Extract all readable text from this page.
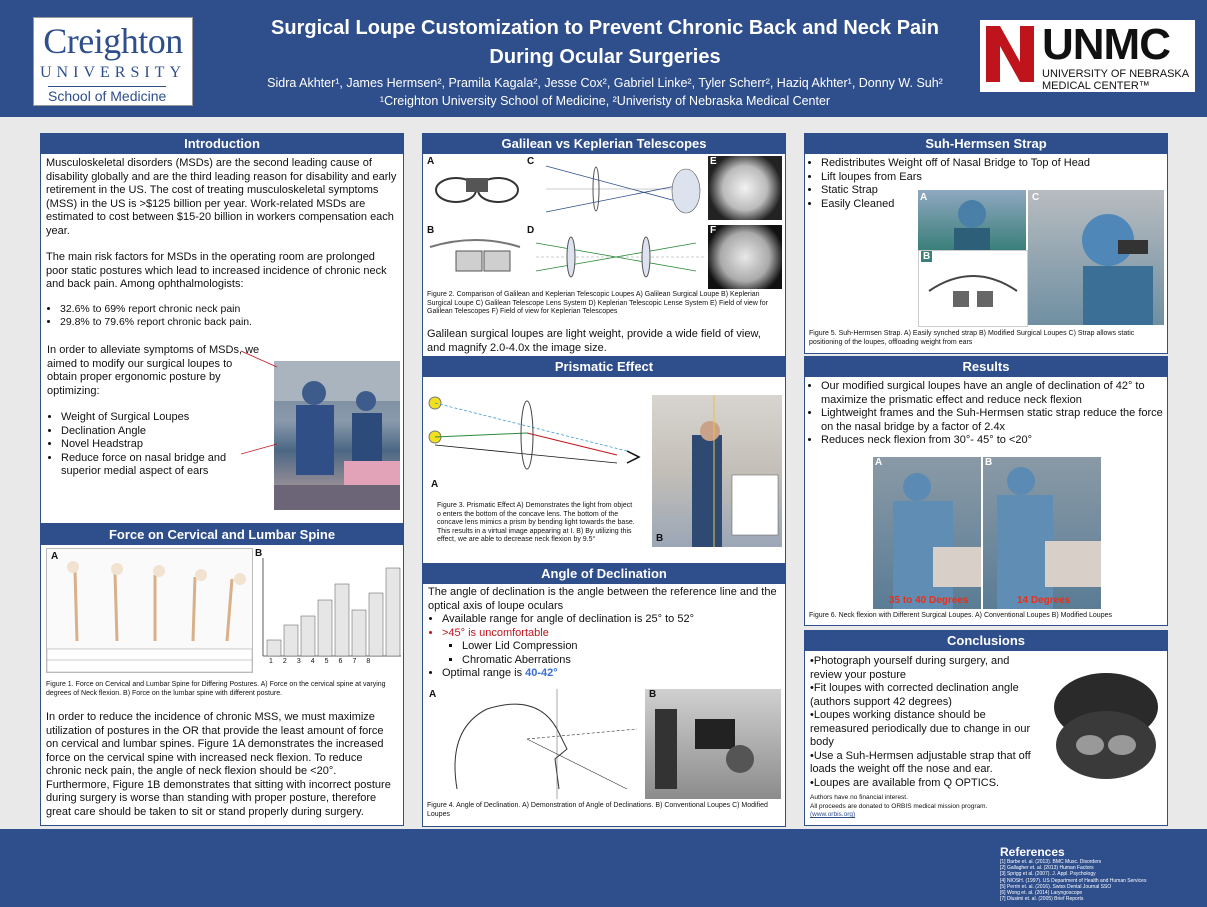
Creighton
UNIVERSITY
School of Medicine
Surgical Loupe Customization to Prevent Chronic Back and Neck Pain
During Ocular Surgeries
Sidra Akhter¹, James Hermsen², Pramila Kagala², Jesse Cox², Gabriel Linke², Tyler Scherr², Haziq Akhter¹, Donny W. Suh²
¹Creighton University School of Medicine, ²Univeristy of Nebraska Medical Center
UNMC
UNIVERSITY OF NEBRASKA
MEDICAL CENTER™
Introduction
Musculoskeletal disorders (MSDs) are the second leading cause of disability globally and are the third leading reason for disability and early retirement in the US. The cost of treating musculoskeletal symptoms (MSS) in the US is >$125 billion per year. Work-related MSDs are estimated to cost between $15-20 billion in workers compensation each year.
The main risk factors for MSDs in the operating room are prolonged poor static postures which lead to increased incidence of chronic neck and back pain. Among ophthalmologists:
• 32.6% to 69% report chronic neck pain
• 29.8% to 79.6% report chronic back pain.
In order to alleviate symptoms of MSDs, we aimed to modify our surgical loupes to obtain proper ergonomic posture by optimizing:
• Weight of Surgical Loupes
• Declination Angle
• Novel Headstrap
• Reduce force on nasal bridge and superior medial aspect of ears
Force on Cervical and Lumbar Spine
A	B
1 2 3 4 5 6 7 8
Figure 1. Force on Cervical and Lumbar Spine for Differing Postures. A) Force on the cervical spine at varying degrees of Neck flexion. B) Force on the lumbar spine with different posture.
In order to reduce the incidence of chronic MSS, we must maximize utilization of postures in the OR that provide the least amount of force on cervical and lumbar spines. Figure 1A demonstrates the increased force on the cervical spine with increased neck flexion. To reduce chronic neck pain, the angle of neck flexion should be <20°. Furthermore, Figure 1B demonstrates that sitting with incorrect posture during surgery is worse than standing with proper posture, therefore great care should be taken to sit or stand properly during surgery.
Galilean vs Keplerian Telescopes
A
B
C
D
E
F
Figure 2. Comparison of Galilean and Keplerian Telescopic Loupes A) Galilean Surgical Loupe B) Keplerian Surgical Loupe C) Galilean Telescope Lens System D) Keplerian Telescopic Lense System E) Field of view for Galilean Telescopes F) Field of view for Keplerian Telescopes
Galilean surgical loupes are light weight, provide a wide field of view, and magnify 2.0-4.0x the image size.
Prismatic Effect
A
Figure 3. Prismatic Effect A) Demonstrates the light from object o enters the bottom of the concave lens. The bottom of the concave lens mimics a prism by bending light towards the base. This results in a virtual image appearing at I. B) By utilizing this effect, we are able to decrease neck flexion by 9.5°	B
Angle of Declination
The angle of declination is the angle between the reference line and the optical axis of loupe oculars
• Available range for angle of declination is 25° to 52°
• >45° is uncomfortable
▪ Lower Lid Compression
▪ Chromatic Aberrations
• Optimal range is 40-42°
A	B
Figure 4. Angle of Declination. A) Demonstration of Angle of Declinations. B) Conventional Loupes C) Modified Loupes
Suh-Hermsen Strap
• Redistributes Weight off of Nasal Bridge to Top of Head
• Lift loupes from Ears
• Static Strap
• Easily Cleaned	A
B
C
Figure 5. Suh-Hermsen Strap. A) Easily synched strap B) Modified Surgical Loupes C) Strap allows static positioning of the loupes, offloading weight from ears
Results
• Our modified surgical loupes have an angle of declination of 42° to maximize the prismatic effect and reduce neck flexion
• Lightweight frames and the Suh-Hermsen static strap reduce the force on the nasal bridge by a factor of 2.4x
• Reduces neck flexion from 30°- 45° to <20°
A
35 to 40 Degrees
B
14 Degrees
Figure 6. Neck flexion with Different Surgical Loupes. A) Conventional Loupes B) Modified Loupes
Conclusions
•Photograph yourself during surgery, and review your posture
•Fit loupes with corrected declination angle (authors support 42 degrees)
•Loupes working distance should be remeasured periodically due to change in our body
•Use a Suh-Hermsen adjustable strap that off loads the weight off the nose and ear.
•Loupes are available from Q OPTICS.
Authors have no financial interest.
All proceeds are donated to ORBIS medical mission program.
(www.orbis.org)
References
[1] Barbe et. al. (2013). BMC Musc. Disorders
[2] Gallagher et. al. (2013) Human Factors
[3] Sprigg et al. (2007). J. Appl. Psychology
[4] NIOSH. (1997). US Department of Health and Human Services
[5] Perrin et. al. (2016). Swiss Dental Journal SSO
[6] Wong et. al. (2014) Laryngoscope
[7] Dlusimi et. al. (2005) Brief Reports
